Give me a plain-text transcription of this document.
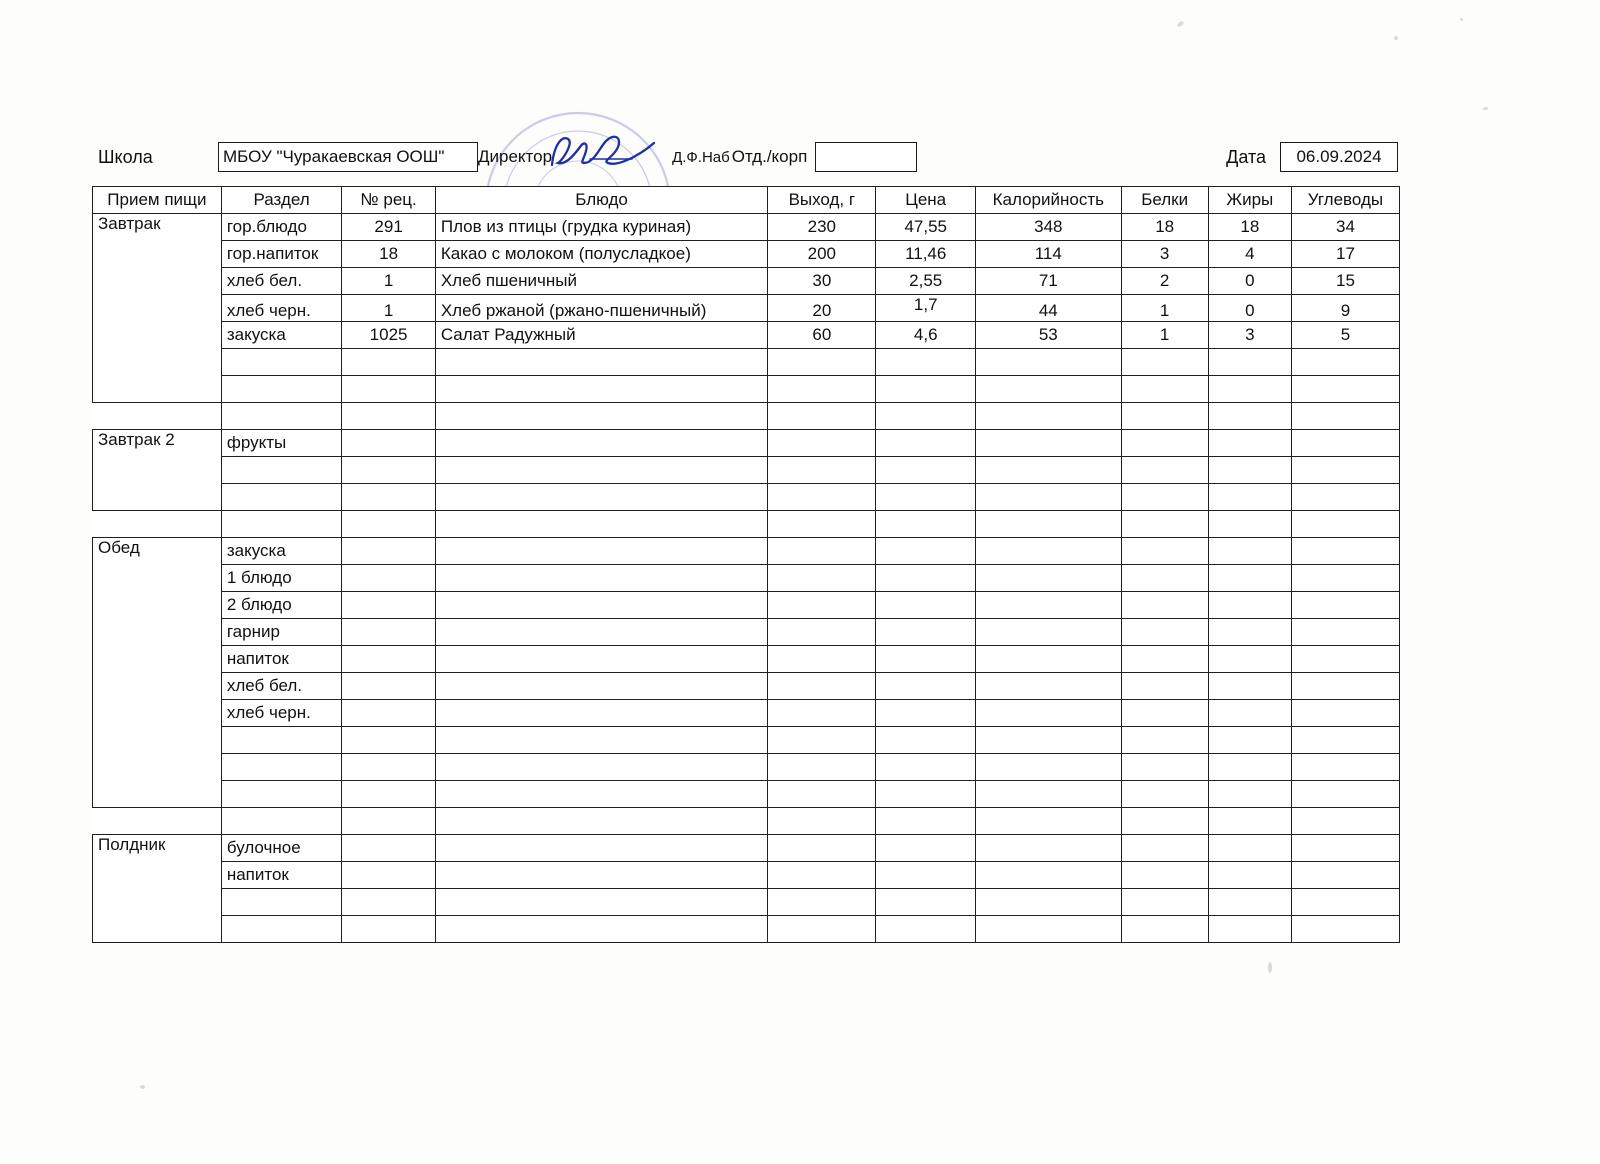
Школа	МБОУ "Чуракаевская ООШ"	Директор	Д.Ф.Наб Отд./корп	Дата	06.09.2024
Прием пищи	Раздел	№ рец.	Блюдо	Выход, г	Цена	Калорийность	Белки	Жиры	Углеводы
Завтрак	гор.блюдо	291	Плов из птицы (грудка куриная)	230	47,55	348	18	18	34
	гор.напиток	18	Какао с молоком (полусладкое)	200	11,46	114	3	4	17
	хлеб бел.	1	Хлеб пшеничный	30	2,55	71	2	0	15
	хлеб черн.	1	Хлеб ржаной (ржано-пшеничный)	20	1,7	44	1	0	9
	закуска	1025	Салат Радужный	60	4,6	53	1	3	5

Завтрак 2	фрукты								

Обед	закуска								
	1 блюдо								
	2 блюдо								
	гарнир								
	напиток								
	хлеб бел.								
	хлеб черн.								

Полдник	булочное								
	напиток								
